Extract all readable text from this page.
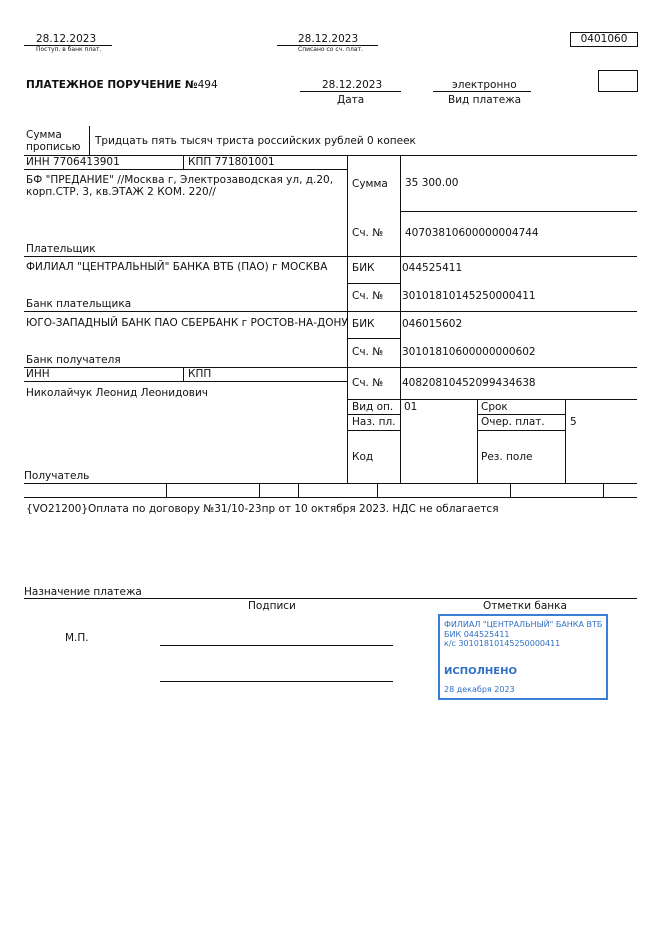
28.12.2023
Поступ. в банк плат.
28.12.2023
Списано со сч. плат.
0401060
ПЛАТЕЖНОЕ ПОРУЧЕНИЕ №494	28.12.2023
Дата
электронно
Вид платежа
Сумма
прописью Тридцать пять тысяч триста российских рублей 0 копеек
ИНН 7706413901	КПП 771801001
БФ "ПРЕДАНИЕ" //Москва г, Электрозаводская ул, д.20,
корп.СТР. 3, кв.ЭТАЖ 2 КОМ. 220//
Плательщик
Сумма 35 300.00
Сч. № 40703810600000004744
ФИЛИАЛ "ЦЕНТРАЛЬНЫЙ" БАНКА ВТБ (ПАО) г МОСКВА
Банк плательщика
БИК	044525411
Сч. № 30101810145250000411
ЮГО-ЗАПАДНЫЙ БАНК ПАО СБЕРБАНК г РОСТОВ-НА-ДОНУ
Банк получателя
БИК	046015602
Сч. № 30101810600000000602
ИНН	КПП
Николайчук Леонид Леонидович
Получатель
Сч. № 40820810452099434638
Вид оп. 01	Срок
Наз. пл.	Очер. плат. 5
Код	Рез. поле
{VO21200}Оплата по договору №31/10-23пр от 10 октября 2023. НДС не облагается
Назначение платежа
Подписи	Отметки банка
М.П.
ФИЛИАЛ "ЦЕНТРАЛЬНЫЙ" БАНКА ВТБ
БИК 044525411
к/с 30101810145250000411
ИСПОЛНЕНО
28 декабря 2023
